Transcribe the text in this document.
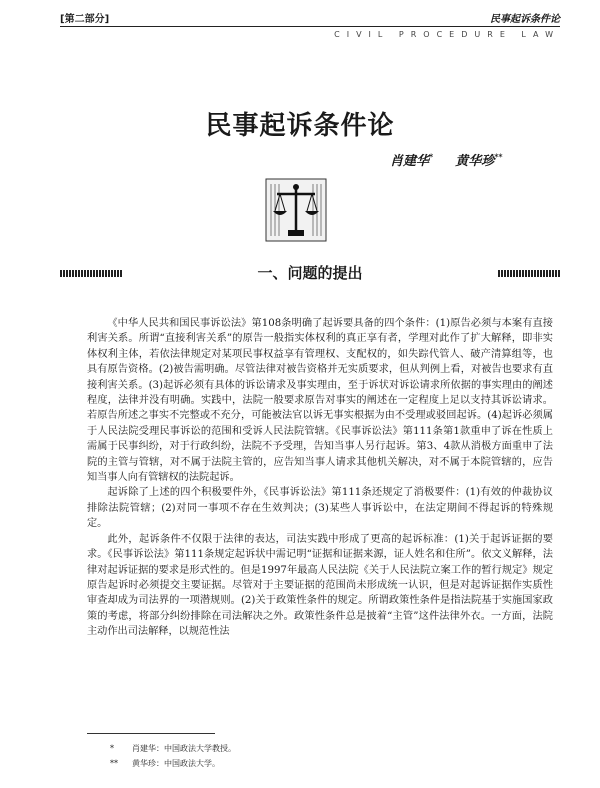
[第二部分]	民事起诉条件论
CIVIL PROCEDURE LAW
民事起诉条件论
肖建华* 黄华珍**
一、问题的提出

《中华人民共和国民事诉讼法》第108条明确了起诉要具备的四个条件：(1)原告必须与本案有直接利害关系。所谓“直接利害关系”的原告一般指实体权利的真正享有者，学理对此作了扩大解释，即非实体权利主体，若依法律规定对某项民事权益享有管理权、支配权的，如失踪代管人、破产清算组等，也具有原告资格。(2)被告需明确。尽管法律对被告资格并无实质要求，但从判例上看，对被告也要求有直接利害关系。(3)起诉必须有具体的诉讼请求及事实理由，至于诉状对诉讼请求所依据的事实理由的阐述程度，法律并没有明确。实践中，法院一般要求原告对事实的阐述在一定程度上足以支持其诉讼请求。若原告所述之事实不完整或不充分，可能被法官以诉无事实根据为由不受理或驳回起诉。(4)起诉必须属于人民法院受理民事诉讼的范围和受诉人民法院管辖。《民事诉讼法》第111条第1款重申了诉在性质上需属于民事纠纷，对于行政纠纷，法院不予受理，告知当事人另行起诉。第3、4款从消极方面重申了法院的主管与管辖，对不属于法院主管的，应告知当事人请求其他机关解决，对不属于本院管辖的，应告知当事人向有管辖权的法院起诉。

起诉除了上述的四个积极要件外，《民事诉讼法》第111条还规定了消极要件：(1)有效的仲裁协议排除法院管辖；(2)对同一事项不存在生效判决；(3)某些人事诉讼中，在法定期间不得起诉的特殊规定。

此外，起诉条件不仅限于法律的表达，司法实践中形成了更高的起诉标准：(1)关于起诉证据的要求。《民事诉讼法》第111条规定起诉状中需记明“证据和证据来源，证人姓名和住所”。依文义解释，法律对起诉证据的要求是形式性的。但是1997年最高人民法院《关于人民法院立案工作的暂行规定》规定原告起诉时必须提交主要证据。尽管对于主要证据的范围尚未形成统一认识，但是对起诉证据作实质性审查却成为司法界的一项潜规则。(2)关于政策性条件的规定。所谓政策性条件是指法院基于实施国家政策的考虑，将部分纠纷排除在司法解决之外。政策性条件总是披着“主管”这件法律外衣。一方面，法院主动作出司法解释，以规范性法

* 肖建华：中国政法大学教授。
** 黄华珍：中国政法大学。
